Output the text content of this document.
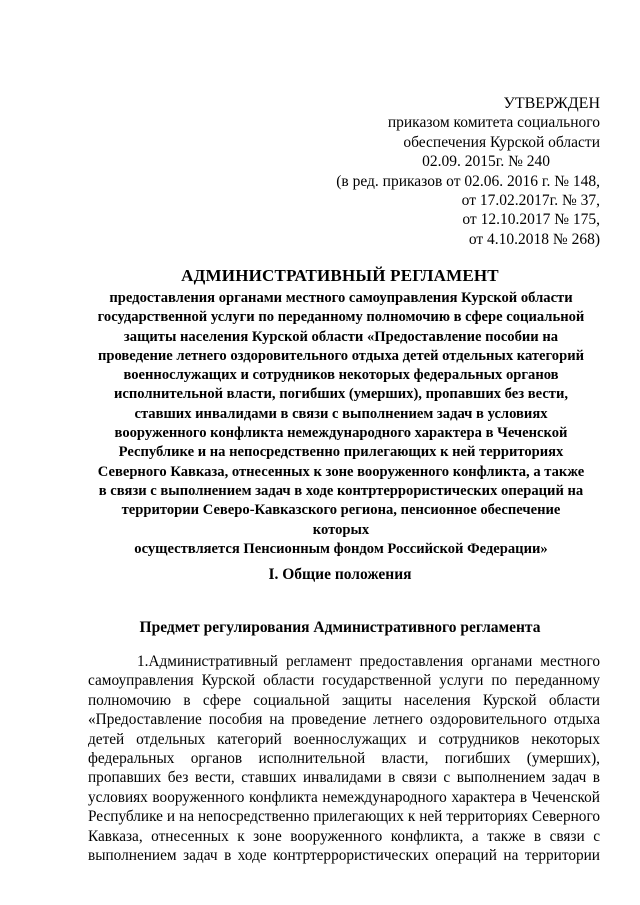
УТВЕРЖДЕН
приказом комитета социального
обеспечения Курской области
02.09. 2015г. № 240
(в ред. приказов от 02.06. 2016 г. № 148,
от 17.02.2017г. № 37,
от 12.10.2017 № 175,
от 4.10.2018 № 268)
АДМИНИСТРАТИВНЫЙ РЕГЛАМЕНТ
предоставления органами местного самоуправления Курской области
государственной услуги по переданному полномочию в сфере социальной
защиты населения Курской области «Предоставление пособии на
проведение летнего оздоровительного отдыха детей отдельных категорий
военнослужащих и сотрудников некоторых федеральных органов
исполнительной власти, погибших (умерших), пропавших без вести,
ставших инвалидами в связи с выполнением задач в условиях
вооруженного конфликта немеждународного характера в Чеченской
Республике и на непосредственно прилегающих к ней территориях
Северного Кавказа, отнесенных к зоне вооруженного конфликта, а также
в связи с выполнением задач в ходе контртеррористических операций на
территории Северо-Кавказского региона, пенсионное обеспечение
которых
осуществляется Пенсионным фондом Российской Федерации»
I. Общие положения
Предмет регулирования Административного регламента
1.Административный регламент предоставления органами местного
самоуправления Курской области государственной услуги по переданному
полномочию в сфере социальной защиты населения Курской области
«Предоставление пособия на проведение летнего оздоровительного отдыха
детей отдельных категорий военнослужащих и сотрудников некоторых
федеральных органов исполнительной власти, погибших (умерших),
пропавших без вести, ставших инвалидами в связи с выполнением задач в
условиях вооруженного конфликта немеждународного характера в Чеченской
Республике и на непосредственно прилегающих к ней территориях Северного
Кавказа, отнесенных к зоне вооруженного конфликта, а также в связи с
выполнением задач в ходе контртеррористических операций на территории
